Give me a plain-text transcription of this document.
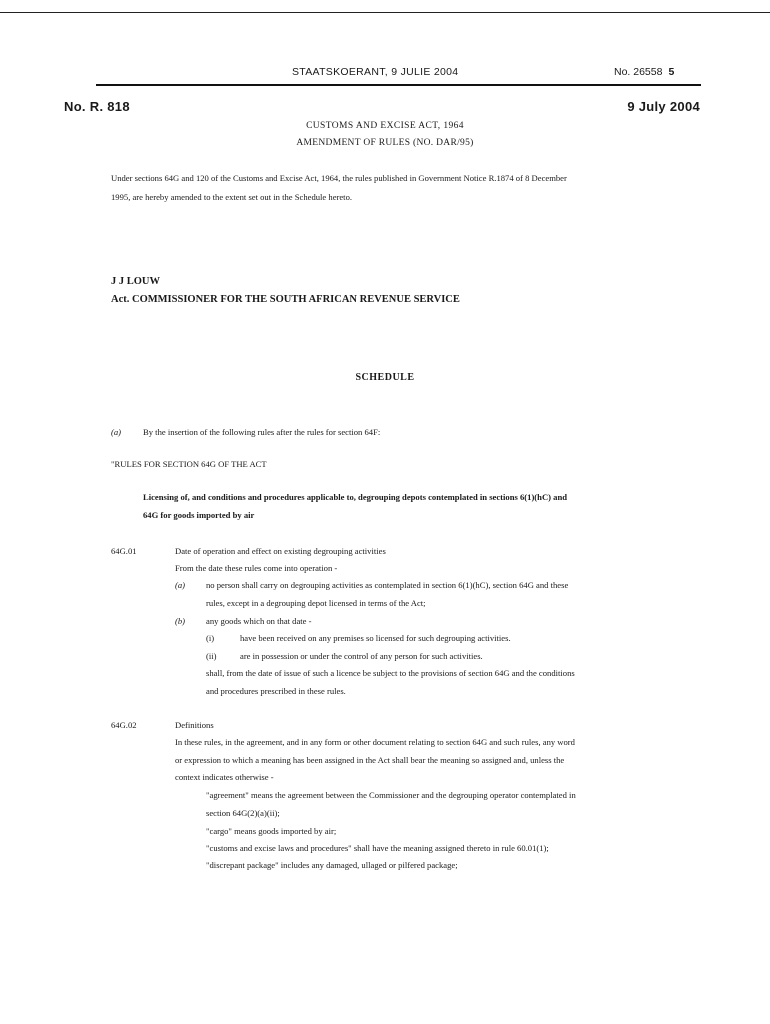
STAATSKOERANT, 9 JULIE 2004	No. 26558 5
No. R. 818	9 July 2004
CUSTOMS AND EXCISE ACT, 1964
AMENDMENT OF RULES (NO. DAR/95)
Under sections 64G and 120 of the Customs and Excise Act, 1964, the rules published in Government Notice R.1874 of 8 December
1995, are hereby amended to the extent set out in the Schedule hereto.
J J LOUW
Act. COMMISSIONER FOR THE SOUTH AFRICAN REVENUE SERVICE
SCHEDULE
(a)	By the insertion of the following rules after the rules for section 64F:
"RULES FOR SECTION 64G OF THE ACT
Licensing of, and conditions and procedures applicable to, degrouping depots contemplated in sections 6(1)(hC) and
64G for goods imported by air
64G.01	Date of operation and effect on existing degrouping activities
From the date these rules come into operation -
(a) no person shall carry on degrouping activities as contemplated in section 6(1)(hC), section 64G and these
rules, except in a degrouping depot licensed in terms of the Act;
(b) any goods which on that date -
(i)	have been received on any premises so licensed for such degrouping activities.
(ii)	are in possession or under the control of any person for such activities.
shall, from the date of issue of such a licence be subject to the provisions of section 64G and the conditions
and procedures prescribed in these rules.
64G.02	Definitions
In these rules, in the agreement, and in any form or other document relating to section 64G and such rules, any word
or expression to which a meaning has been assigned in the Act shall bear the meaning so assigned and, unless the
context indicates otherwise -
"agreement" means the agreement between the Commissioner and the degrouping operator contemplated in
section 64G(2)(a)(ii);
"cargo" means goods imported by air;
"customs and excise laws and procedures" shall have the meaning assigned thereto in rule 60.01(1);
"discrepant package" includes any damaged, ullaged or pilfered package;
